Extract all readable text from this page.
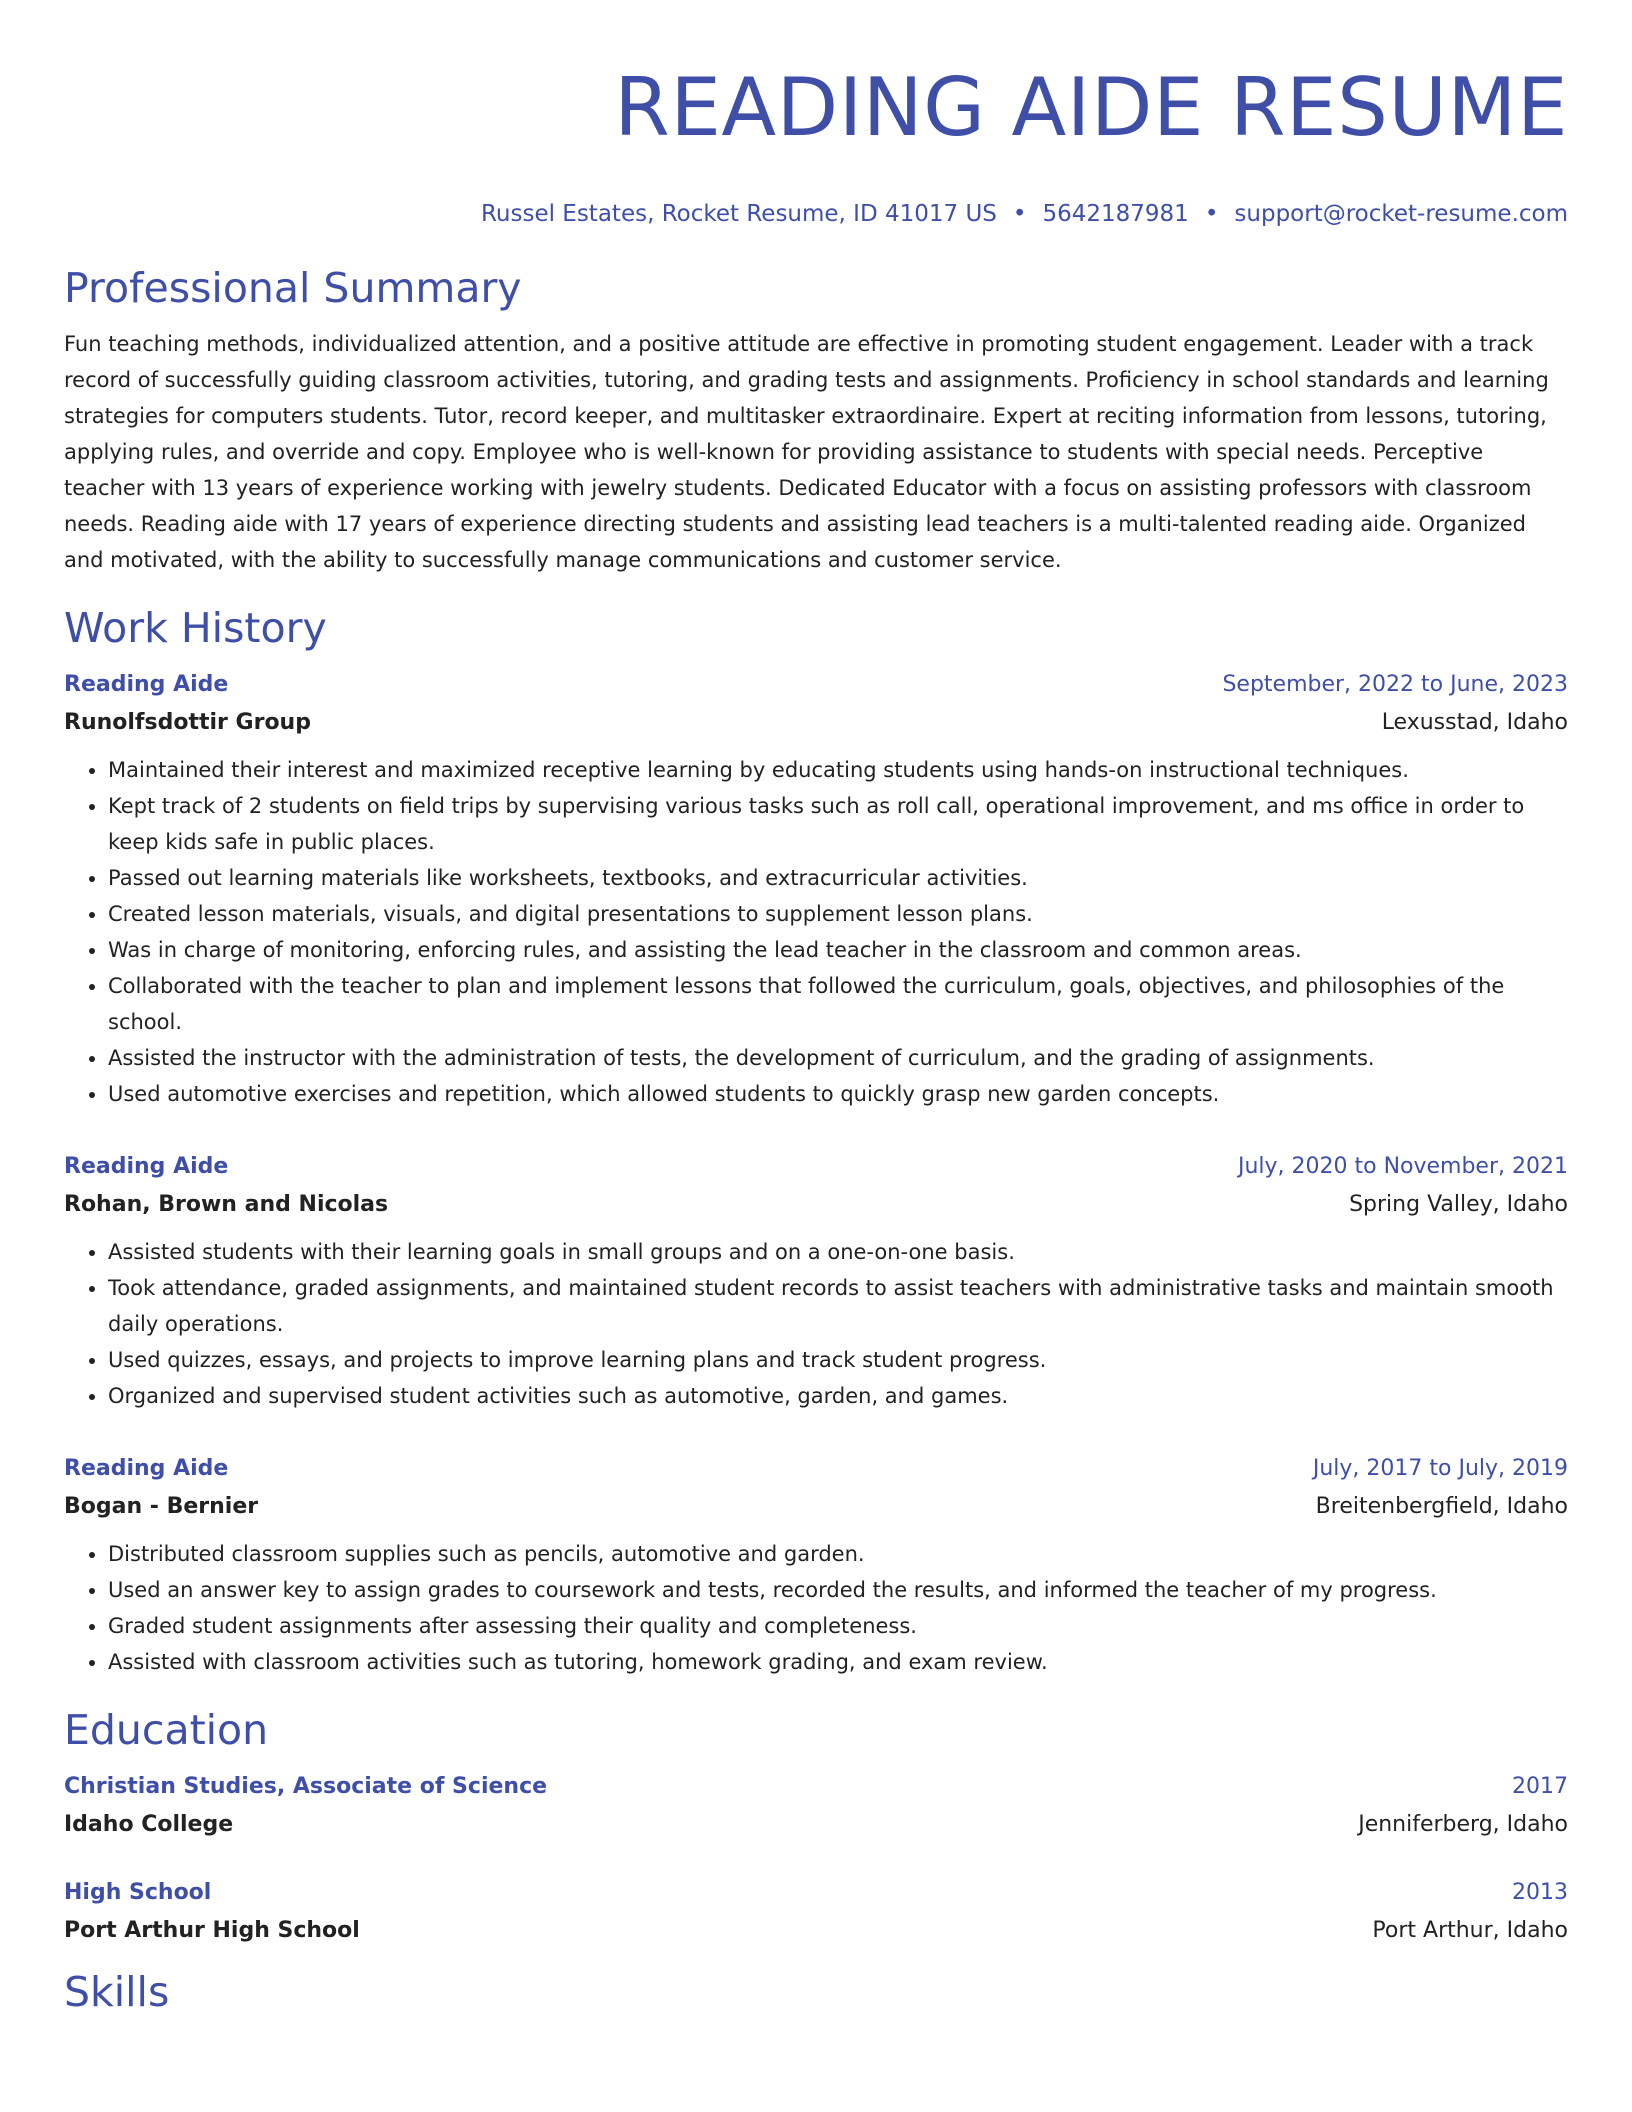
READING AIDE RESUME
Russel Estates, Rocket Resume, ID 41017 US • 5642187981 • support@rocket-resume.com
Professional Summary

Fun teaching methods, individualized attention, and a positive attitude are effective in promoting student engagement. Leader with a track record of successfully guiding classroom activities, tutoring, and grading tests and assignments. Proficiency in school standards and learning strategies for computers students. Tutor, record keeper, and multitasker extraordinaire. Expert at reciting information from lessons, tutoring, applying rules, and override and copy. Employee who is well-known for providing assistance to students with special needs. Perceptive teacher with 13 years of experience working with jewelry students. Dedicated Educator with a focus on assisting professors with classroom needs. Reading aide with 17 years of experience directing students and assisting lead teachers is a multi-talented reading aide. Organized and motivated, with the ability to successfully manage communications and customer service.

Work History
Reading Aide	September, 2022 to June, 2023
Runolfsdottir Group	Lexusstad, Idaho
• Maintained their interest and maximized receptive learning by educating students using hands-on instructional techniques.
• Kept track of 2 students on field trips by supervising various tasks such as roll call, operational improvement, and ms office in order to keep kids safe in public places.
• Passed out learning materials like worksheets, textbooks, and extracurricular activities.
• Created lesson materials, visuals, and digital presentations to supplement lesson plans.
• Was in charge of monitoring, enforcing rules, and assisting the lead teacher in the classroom and common areas.
• Collaborated with the teacher to plan and implement lessons that followed the curriculum, goals, objectives, and philosophies of the school.
• Assisted the instructor with the administration of tests, the development of curriculum, and the grading of assignments.
• Used automotive exercises and repetition, which allowed students to quickly grasp new garden concepts.
Reading Aide	July, 2020 to November, 2021
Rohan, Brown and Nicolas	Spring Valley, Idaho
• Assisted students with their learning goals in small groups and on a one-on-one basis.
• Took attendance, graded assignments, and maintained student records to assist teachers with administrative tasks and maintain smooth daily operations.
• Used quizzes, essays, and projects to improve learning plans and track student progress.
• Organized and supervised student activities such as automotive, garden, and games.
Reading Aide	July, 2017 to July, 2019
Bogan - Bernier	Breitenbergfield, Idaho
• Distributed classroom supplies such as pencils, automotive and garden.
• Used an answer key to assign grades to coursework and tests, recorded the results, and informed the teacher of my progress.
• Graded student assignments after assessing their quality and completeness.
• Assisted with classroom activities such as tutoring, homework grading, and exam review.
Education
Christian Studies, Associate of Science	2017
Idaho College	Jenniferberg, Idaho
High School	2013
Port Arthur High School	Port Arthur, Idaho
Skills
